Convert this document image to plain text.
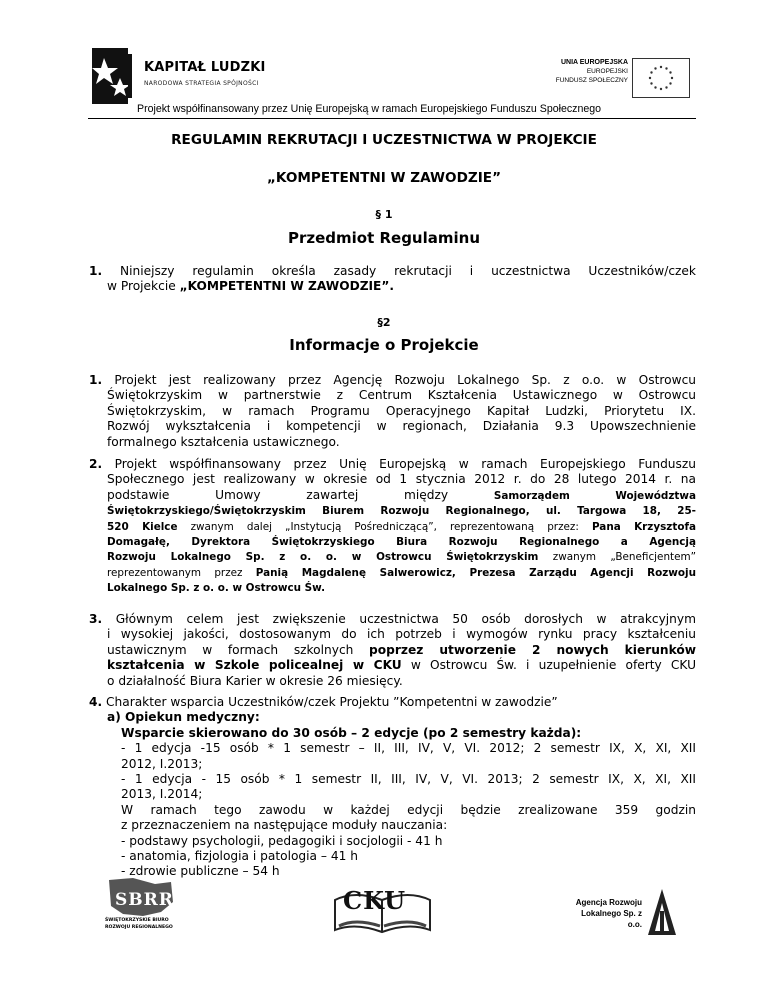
KAPITAŁ LUDZKI
NARODOWA STRATEGIA SPÓJNOŚCI
UNIA EUROPEJSKA
EUROPEJSKI
FUNDUSZ SPOŁECZNY
Projekt współfinansowany przez Unię Europejską w ramach Europejskiego Funduszu Społecznego
REGULAMIN REKRUTACJI I UCZESTNICTWA W PROJEKCIE
„KOMPETENTNI W ZAWODZIE”
§ 1
Przedmiot Regulaminu
1. Niniejszy regulamin określa zasady rekrutacji i uczestnictwa Uczestników/czek
w Projekcie „KOMPETENTNI W ZAWODZIE”.
§2
Informacje o Projekcie
1. Projekt jest realizowany przez Agencję Rozwoju Lokalnego Sp. z o.o. w Ostrowcu
Świętokrzyskim w partnerstwie z Centrum Kształcenia Ustawicznego w Ostrowcu
Świętokrzyskim, w ramach Programu Operacyjnego Kapitał Ludzki, Priorytetu IX.
Rozwój wykształcenia i kompetencji w regionach, Działania 9.3 Upowszechnienie
formalnego kształcenia ustawicznego.
2. Projekt współfinansowany przez Unię Europejską w ramach Europejskiego Funduszu
Społecznego jest realizowany w okresie od 1 stycznia 2012 r. do 28 lutego 2014 r. na
podstawie Umowy zawartej między Samorządem Województwa
Świętokrzyskiego/Świętokrzyskim Biurem Rozwoju Regionalnego, ul. Targowa 18, 25-
520 Kielce zwanym dalej „Instytucją Pośredniczącą”, reprezentowaną przez: Pana Krzysztofa
Domagałę, Dyrektora Świętokrzyskiego Biura Rozwoju Regionalnego a Agencją
Rozwoju Lokalnego Sp. z o. o. w Ostrowcu Świętokrzyskim zwanym „Beneficjentem”
reprezentowanym przez Panią Magdalenę Salwerowicz, Prezesa Zarządu Agencji Rozwoju
Lokalnego Sp. z o. o. w Ostrowcu Św.
3. Głównym celem jest zwiększenie uczestnictwa 50 osób dorosłych w atrakcyjnym
i wysokiej jakości, dostosowanym do ich potrzeb i wymogów rynku pracy kształceniu
ustawicznym w formach szkolnych poprzez utworzenie 2 nowych kierunków
kształcenia w Szkole policealnej w CKU w Ostrowcu Św. i uzupełnienie oferty CKU
o działalność Biura Karier w okresie 26 miesięcy.
4. Charakter wsparcia Uczestników/czek Projektu ”Kompetentni w zawodzie”
a) Opiekun medyczny:
Wsparcie skierowano do 30 osób – 2 edycje (po 2 semestry każda):
- 1 edycja -15 osób * 1 semestr – II, III, IV, V, VI. 2012; 2 semestr IX, X, XI, XII
2012, I.2013;
- 1 edycja - 15 osób * 1 semestr II, III, IV, V, VI. 2013; 2 semestr IX, X, XI, XII
2013, I.2014;
W ramach tego zawodu w każdej edycji będzie zrealizowane 359 godzin
z przeznaczeniem na następujące moduły nauczania:
- podstawy psychologii, pedagogiki i socjologii - 41 h
- anatomia, fizjologia i patologia – 41 h
- zdrowie publiczne – 54 h
SBRR
ŚWIĘTOKRZYSKIE BIURO
ROZWOJU REGIONALNEGO
CKU	Agencja Rozwoju
Lokalnego Sp. z o.o.
